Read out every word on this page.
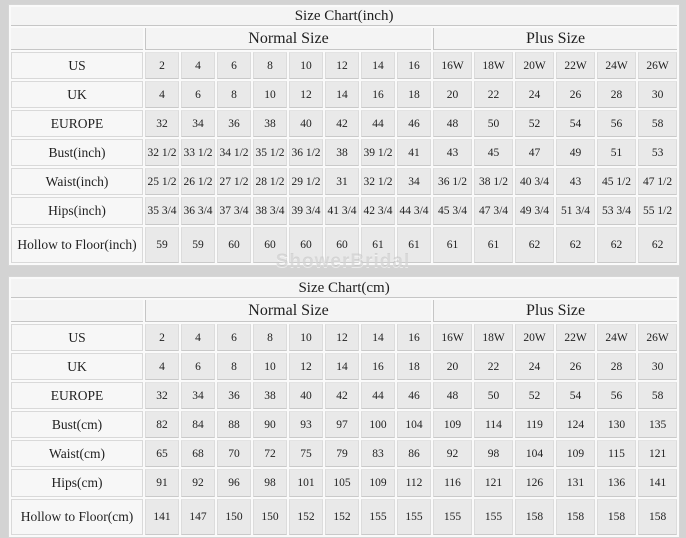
ShowerBridal
Size Chart(inch)														
	Normal Size								Plus Size					
US	2	4	6	8	10	12	14	16	16W	18W	20W	22W	24W	26W
UK	4	6	8	10	12	14	16	18	20	22	24	26	28	30
EUROPE	32	34	36	38	40	42	44	46	48	50	52	54	56	58
Bust(inch)	32 1/2	33 1/2	34 1/2	35 1/2	36 1/2	38	39 1/2	41	43	45	47	49	51	53
Waist(inch)	25 1/2	26 1/2	27 1/2	28 1/2	29 1/2	31	32 1/2	34	36 1/2	38 1/2	40 3/4	43	45 1/2	47 1/2
Hips(inch)	35 3/4	36 3/4	37 3/4	38 3/4	39 3/4	41 3/4	42 3/4	44 3/4	45 3/4	47 3/4	49 3/4	51 3/4	53 3/4	55 1/2
Hollow to Floor(inch)	59	59	60	60	60	60	61	61	61	61	62	62	62	62
Size Chart(cm)														
	Normal Size								Plus Size					
US	2	4	6	8	10	12	14	16	16W	18W	20W	22W	24W	26W
UK	4	6	8	10	12	14	16	18	20	22	24	26	28	30
EUROPE	32	34	36	38	40	42	44	46	48	50	52	54	56	58
Bust(cm)	82	84	88	90	93	97	100	104	109	114	119	124	130	135
Waist(cm)	65	68	70	72	75	79	83	86	92	98	104	109	115	121
Hips(cm)	91	92	96	98	101	105	109	112	116	121	126	131	136	141
Hollow to Floor(cm)	141	147	150	150	152	152	155	155	155	155	158	158	158	158
